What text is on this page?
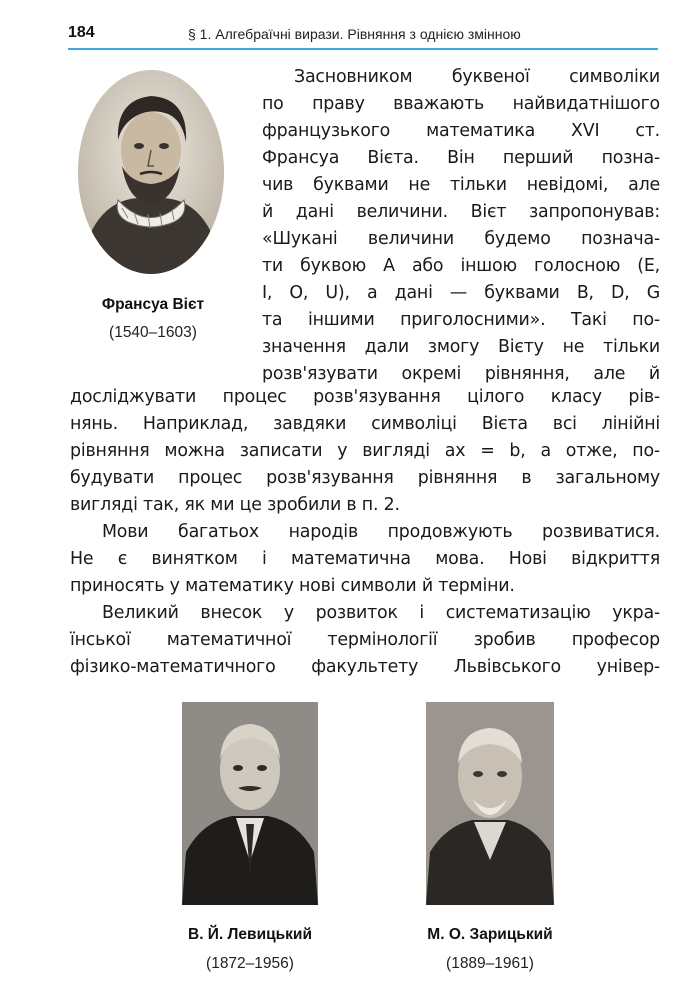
184	§ 1. Алгебраїчні вирази. Рівняння з однією змінною
Франсуа Вієт
(1540–1603)
Засновником буквеної символіки
по праву вважають найвидатнішого
французького математика XVI ст.
Франсуа Вієта. Він перший позна-
чив буквами не тільки невідомі, але
й дані величини. Вієт запропонував:
«Шукані величини будемо познача-
ти буквою A або іншою голосною (E,
I, O, U), а дані — буквами B, D, G
та іншими приголосними». Такі по-
значення дали змогу Вієту не тільки
розв'язувати окремі рівняння, але й
досліджувати процес розв'язування цілого класу рів-
нянь. Наприклад, завдяки символіці Вієта всі лінійні
рівняння можна записати у вигляді ax = b, а отже, по-
будувати процес розв'язування рівняння в загальному
вигляді так, як ми це зробили в п. 2.
Мови багатьох народів продовжують розвиватися.
Не є винятком і математична мова. Нові відкриття
приносять у математику нові символи й терміни.
Великий внесок у розвиток і систематизацію укра-
їнської математичної термінології зробив професор
фізико-математичного факультету Львівського універ-
В. Й. Левицький
(1872–1956)
М. О. Зарицький
(1889–1961)
